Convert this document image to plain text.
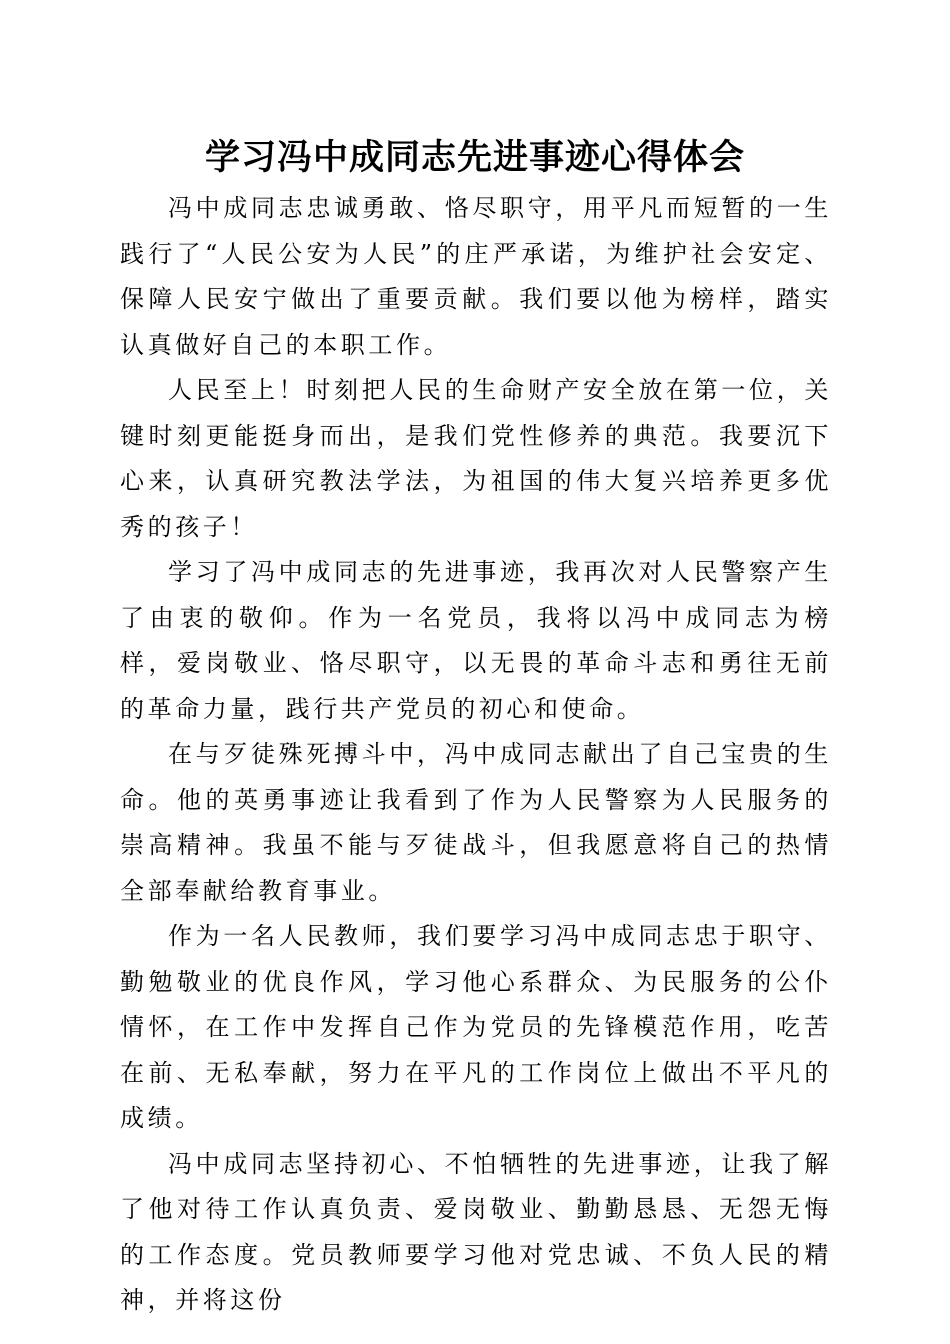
学习冯中成同志先进事迹心得体会

冯中成同志忠诚勇敢、恪尽职守，用平凡而短暂的一生践行了“人民公安为人民”的庄严承诺，为维护社会安定、保障人民安宁做出了重要贡献。我们要以他为榜样，踏实认真做好自己的本职工作。

人民至上！时刻把人民的生命财产安全放在第一位，关键时刻更能挺身而出，是我们党性修养的典范。我要沉下心来，认真研究教法学法，为祖国的伟大复兴培养更多优秀的孩子！

学习了冯中成同志的先进事迹，我再次对人民警察产生了由衷的敬仰。作为一名党员，我将以冯中成同志为榜样，爱岗敬业、恪尽职守，以无畏的革命斗志和勇往无前的革命力量，践行共产党员的初心和使命。

在与歹徒殊死搏斗中，冯中成同志献出了自己宝贵的生命。他的英勇事迹让我看到了作为人民警察为人民服务的崇高精神。我虽不能与歹徒战斗，但我愿意将自己的热情全部奉献给教育事业。

作为一名人民教师，我们要学习冯中成同志忠于职守、勤勉敬业的优良作风，学习他心系群众、为民服务的公仆情怀，在工作中发挥自己作为党员的先锋模范作用，吃苦在前、无私奉献，努力在平凡的工作岗位上做出不平凡的成绩。

冯中成同志坚持初心、不怕牺牲的先进事迹，让我了解了他对待工作认真负责、爱岗敬业、勤勤恳恳、无怨无悔的工作态度。党员教师要学习他对党忠诚、不负人民的精神，并将这份
